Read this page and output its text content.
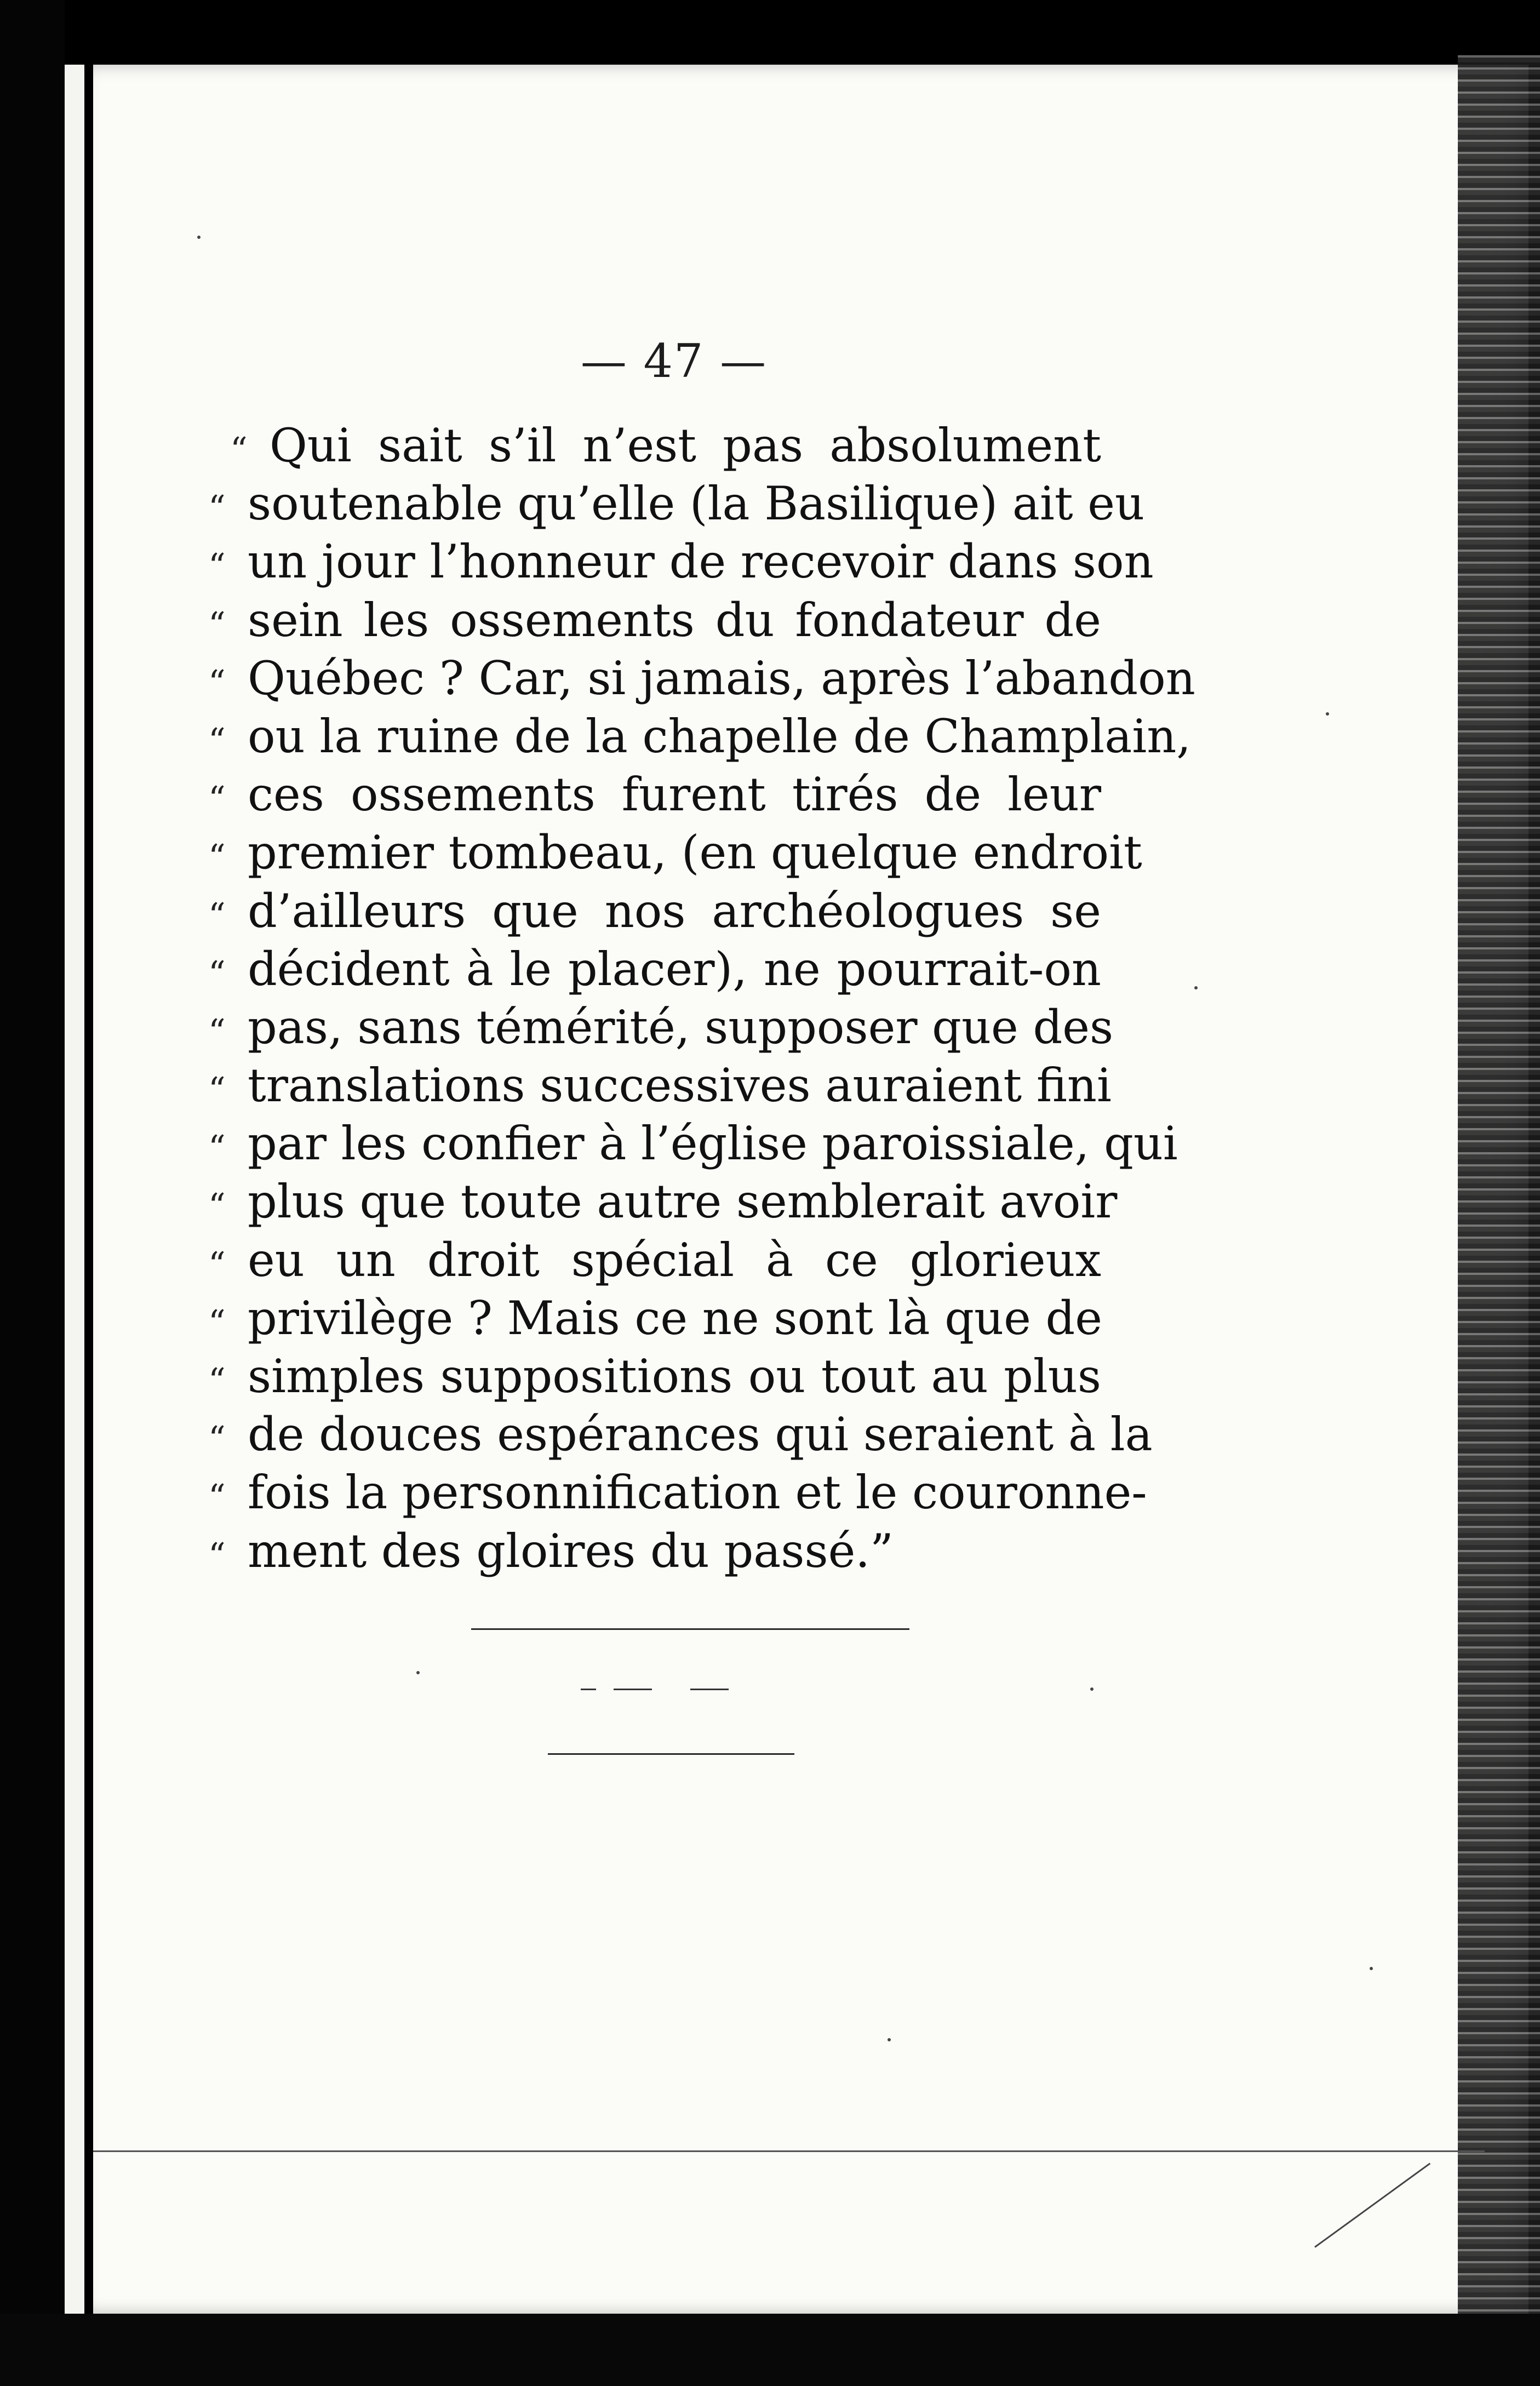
— 47 —
“ Qui sait s’il n’est pas absolument
“ soutenable qu’elle (la Basilique) ait eu
“ un jour l’honneur de recevoir dans son
“ sein les ossements du fondateur de
“ Québec ? Car, si jamais, après l’abandon
“ ou la ruine de la chapelle de Champlain,
“ ces ossements furent tirés de leur
“ premier tombeau, (en quelque endroit
“ d’ailleurs que nos archéologues se
“ décident à le placer), ne pourrait-on
“ pas, sans témérité, supposer que des
“ translations successives auraient fini
“ par les confier à l’église paroissiale, qui
“ plus que toute autre semblerait avoir
“ eu un droit spécial à ce glorieux
“ privilège ? Mais ce ne sont là que de
“ simples suppositions ou tout au plus
“ de douces espérances qui seraient à la
“ fois la personnification et le couronne-
“ ment des gloires du passé.”
